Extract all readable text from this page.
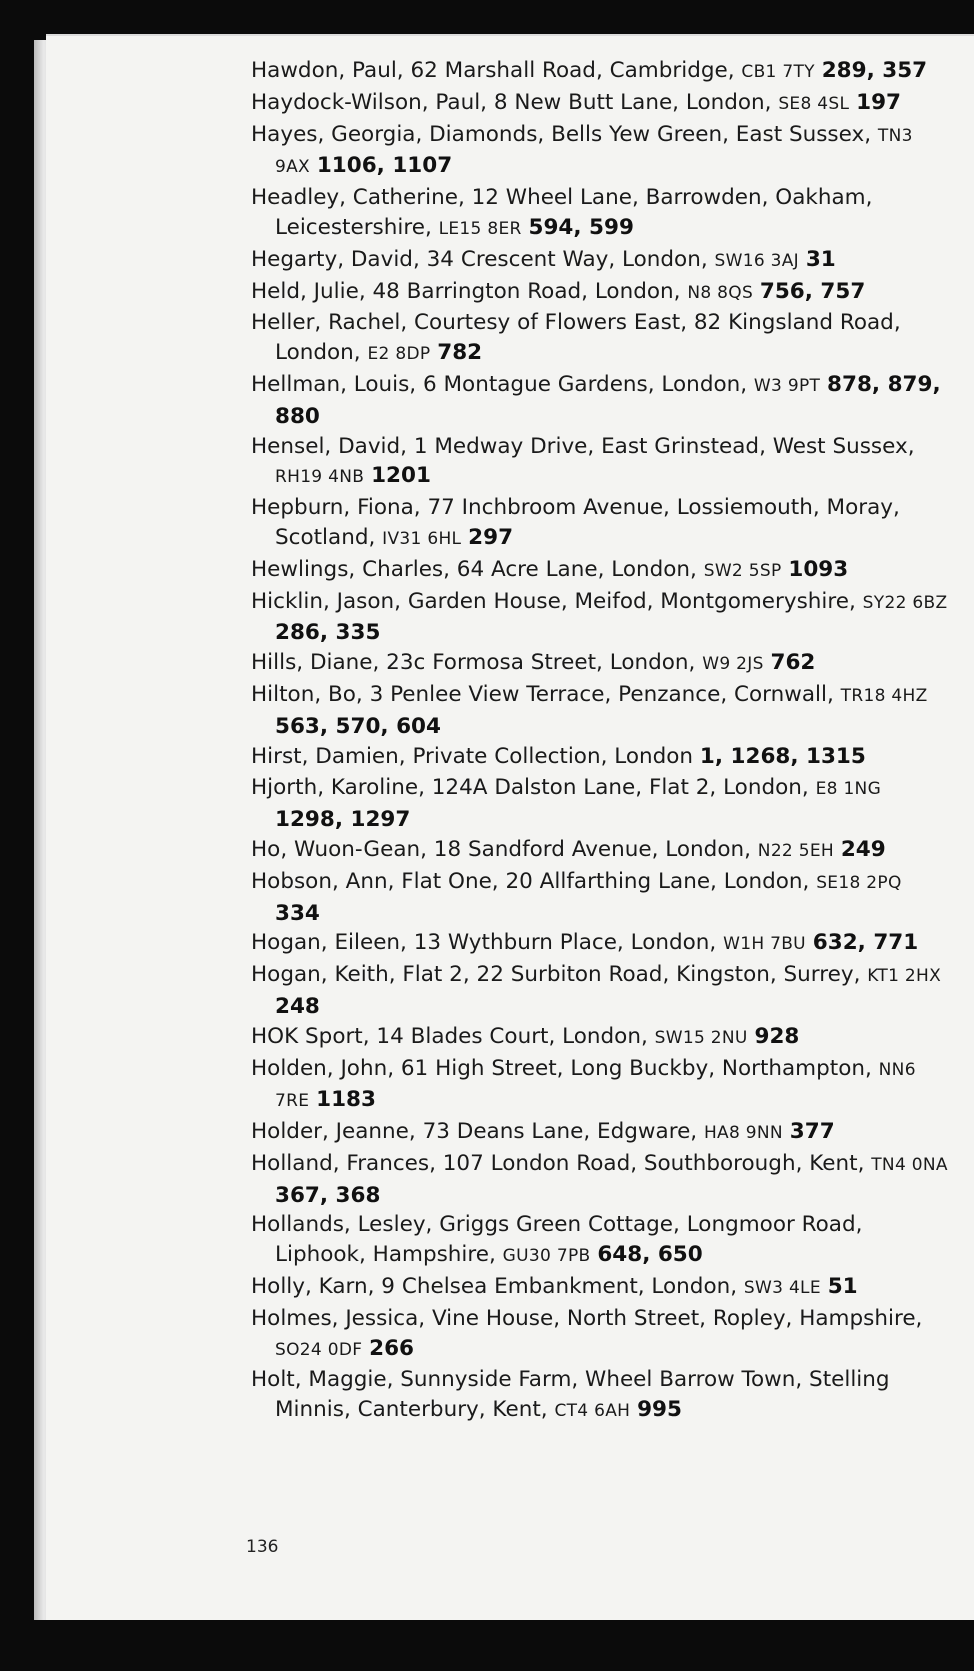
Hawdon, Paul, 62 Marshall Road, Cambridge, CB1 7TY 289, 357

Haydock-Wilson, Paul, 8 New Butt Lane, London, SE8 4SL 197

Hayes, Georgia, Diamonds, Bells Yew Green, East Sussex, TN3 9AX 1106, 1107

Headley, Catherine, 12 Wheel Lane, Barrowden, Oakham, Leicestershire, LE15 8ER 594, 599

Hegarty, David, 34 Crescent Way, London, SW16 3AJ 31

Held, Julie, 48 Barrington Road, London, N8 8QS 756, 757

Heller, Rachel, Courtesy of Flowers East, 82 Kingsland Road, London, E2 8DP 782

Hellman, Louis, 6 Montague Gardens, London, W3 9PT 878, 879, 880

Hensel, David, 1 Medway Drive, East Grinstead, West Sussex, RH19 4NB 1201

Hepburn, Fiona, 77 Inchbroom Avenue, Lossiemouth, Moray, Scotland, IV31 6HL 297

Hewlings, Charles, 64 Acre Lane, London, SW2 5SP 1093

Hicklin, Jason, Garden House, Meifod, Montgomeryshire, SY22 6BZ 286, 335

Hills, Diane, 23c Formosa Street, London, W9 2JS 762

Hilton, Bo, 3 Penlee View Terrace, Penzance, Cornwall, TR18 4HZ 563, 570, 604

Hirst, Damien, Private Collection, London 1, 1268, 1315

Hjorth, Karoline, 124A Dalston Lane, Flat 2, London, E8 1NG 1298, 1297

Ho, Wuon-Gean, 18 Sandford Avenue, London, N22 5EH 249

Hobson, Ann, Flat One, 20 Allfarthing Lane, London, SE18 2PQ 334

Hogan, Eileen, 13 Wythburn Place, London, W1H 7BU 632, 771

Hogan, Keith, Flat 2, 22 Surbiton Road, Kingston, Surrey, KT1 2HX 248

HOK Sport, 14 Blades Court, London, SW15 2NU 928

Holden, John, 61 High Street, Long Buckby, Northampton, NN6 7RE 1183

Holder, Jeanne, 73 Deans Lane, Edgware, HA8 9NN 377

Holland, Frances, 107 London Road, Southborough, Kent, TN4 0NA 367, 368

Hollands, Lesley, Griggs Green Cottage, Longmoor Road, Liphook, Hampshire, GU30 7PB 648, 650

Holly, Karn, 9 Chelsea Embankment, London, SW3 4LE 51

Holmes, Jessica, Vine House, North Street, Ropley, Hampshire, SO24 0DF 266

Holt, Maggie, Sunnyside Farm, Wheel Barrow Town, Stelling Minnis, Canterbury, Kent, CT4 6AH 995

136
